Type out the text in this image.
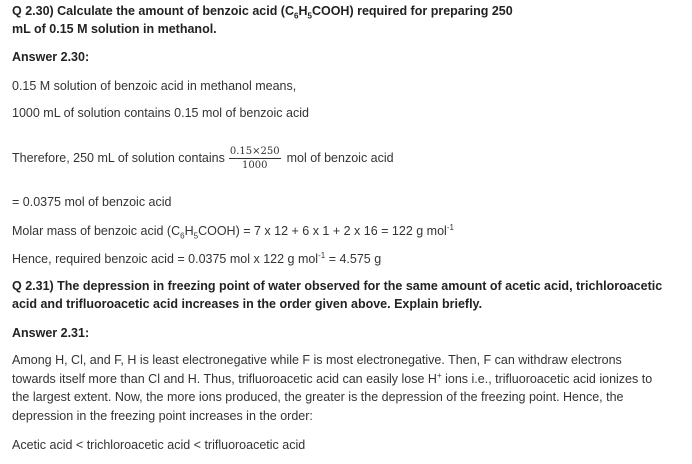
Q 2.30) Calculate the amount of benzoic acid $(C_6H_5COOH)$ required for preparing 250
mL of 0.15 M solution in methanol.
Answer 2.30:
0.15 M solution of benzoic acid in methanol means,
1000 mL of solution contains 0.15 mol of benzoic acid
Therefore, 250 mL of solution contains $\frac{0.15\times 250}{1000}$ mol of benzoic acid
= 0.0375 mol of benzoic acid
Molar mass of benzoic acid $(C_6H_5COOH) = 7$ x 12 + 6 x 1 + 2 x 16 = 122 g mol$^{-1}$
Hence, required benzoic acid = 0.0375 mol x 122 g mol$^{-1}$ = 4.575 g
Q 2.31) The depression in freezing point of water observed for the same amount of acetic acid, trichloroacetic
acid and trifluoroacetic acid increases in the order given above. Explain briefly.
Answer 2.31:
Among H, Cl, and F, H is least electronegative while F is most electronegative. Then, F can withdraw electrons towards itself more than Cl and H. Thus, trifluoroacetic acid can easily lose H+ ions i.e., trifluoroacetic acid ionizes to the largest extent. Now, the more ions produced, the greater is the depression of the freezing point. Hence, the depression in the freezing point increases in the order:
Acetic acid < trichloroacetic acid < trifluoroacetic acid
